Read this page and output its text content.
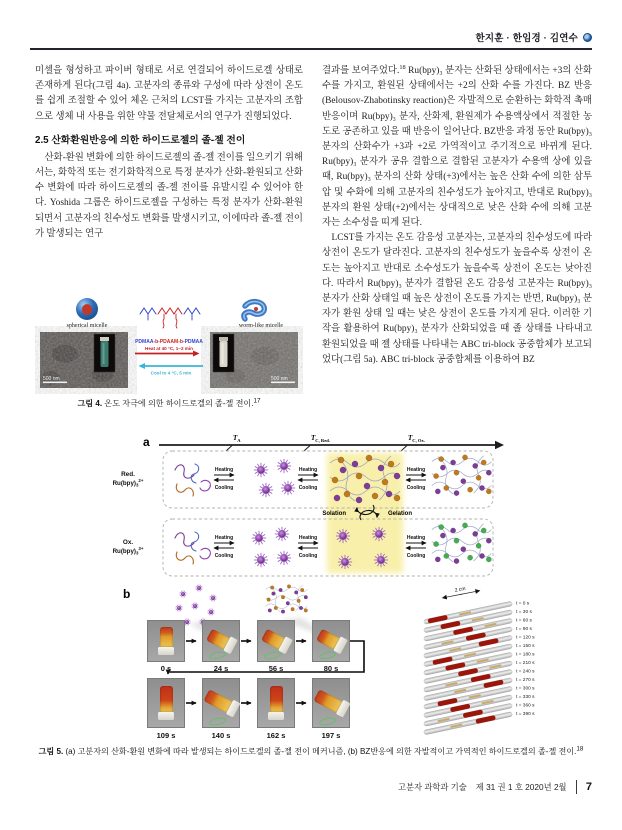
한지훈 · 한임경 · 김연수

미셀을 형성하고 파이버 형태로 서로 연결되어 하이드로겔 상태로 존재하게 된다(그림 4a). 고분자의 종류와 구성에 따라 상전이 온도를 쉽게 조절할 수 있어 체온 근처의 LCST를 가지는 고분자의 조합으로 생체 내 사용을 위한 약물 전달체로서의 연구가 진행되었다.

2.5 산화환원반응에 의한 하이드로젤의 졸-젤 전이

산화-환원 변화에 의한 하이드로젤의 졸-젤 전이를 일으키기 위해서는, 화학적 또는 전기화학적으로 특정 분자가 산화-환원되고 산화 수 변화에 따라 하이드로젤의 졸-젤 전이를 유발시킬 수 있어야 한다. Yoshida 그룹은 하이드로젤을 구성하는 특정 분자가 산화-환원 되면서 고분자의 친수성도 변화를 발생시키고, 이에따라 졸-젤 전이가 발생되는 연구

결과를 보여주었다.$^{18}$ Ru(bpy)₃ 분자는 산화된 상태에서는 +3의 산화 수를 가지고, 환원된 상태에서는 +2의 산화 수를 가진다. BZ 반응(Belousov-Zhabotinsky reaction)은 자발적으로 순환하는 화학적 촉매 반응이며 Ru(bpy)₃ 분자, 산화제, 환원제가 수용액상에서 적절한 농도로 공존하고 있을 때 반응이 일어난다. BZ반응 과정 동안 Ru(bpy)₃ 분자의 산화수가 +3과 +2로 가역적이고 주기적으로 바뀌게 된다. Ru(bpy)₃ 분자가 공유 결합으로 결합된 고분자가 수용액 상에 있을 때, Ru(bpy)₃ 분자의 산화 상태(+3)에서는 높은 산화 수에 의한 삼투압 및 수화에 의해 고분자의 친수성도가 높아지고, 반대로 Ru(bpy)₃ 분자의 환원 상태(+2)에서는 상대적으로 낮은 산화 수에 의해 고분자는 소수성을 띠게 된다.

LCST를 가지는 온도 감응성 고분자는, 고분자의 친수성도에 따라 상전이 온도가 달라진다. 고분자의 친수성도가 높을수록 상전이 온도는 높아지고 반대로 소수성도가 높을수록 상전이 온도는 낮아진다. 따라서 Ru(bpy)₃ 분자가 결합된 온도 감응성 고분자는 Ru(bpy)₃ 분자가 산화 상태일 때 높은 상전이 온도를 가지는 반면, Ru(bpy)₃ 분자가 환원 상태 일 때는 낮은 상전이 온도를 가지게 된다. 이러한 기작을 활용하여 Ru(bpy)₃ 분자가 산화되었을 때 졸 상태를 나타내고 환원되었을 때 젤 상태를 나타내는 ABC tri-block 공중합체가 보고되었다(그림 5a). ABC tri-block 공중합체를 이용하여 BZ

spherical micelle	worm-like micelle
500 nm	500 nm
PDMAA-b-PDAAM-b-PDMAA
Heat at 40 °C, 1~2 min
Cool to 4 °C, 5 min
그림 4. 온도 자극에 의한 하이드로겔의 졸-젤 전이.$^{17}$
a	$T_A$	$T_{C, Red.}$	$T_{C, Ox.}$
Red.
$Ru(bpy)_3^{2+}$
Ox.
$Ru(bpy)_3^{3+}$
Heating
Cooling
Heating
Cooling
Heating
Cooling
Solation	Gelation
Heating
Cooling
Heating
Cooling
Heating
Cooling
b
0 s	24 s	56 s	80 s
109 s	140 s	162 s	197 s
2 cm
t = 0 s
t = 30 s
t = 60 s
t = 90 s
t = 120 s
t = 150 s
t = 180 s
t = 210 s
t = 240 s
t = 270 s
t = 300 s
t = 330 s
t = 360 s
t = 390 s
그림 5. (a) 고분자의 산화-환원 변화에 따라 발생되는 하이드로겔의 졸-젤 전이 메커니즘, (b) BZ반응에 의한 자발적이고 가역적인 하이드로겔의 졸-젤 전이.$^{18}$
고분자 과학과 기술 제 31 권 1 호 2020년 2월 7
